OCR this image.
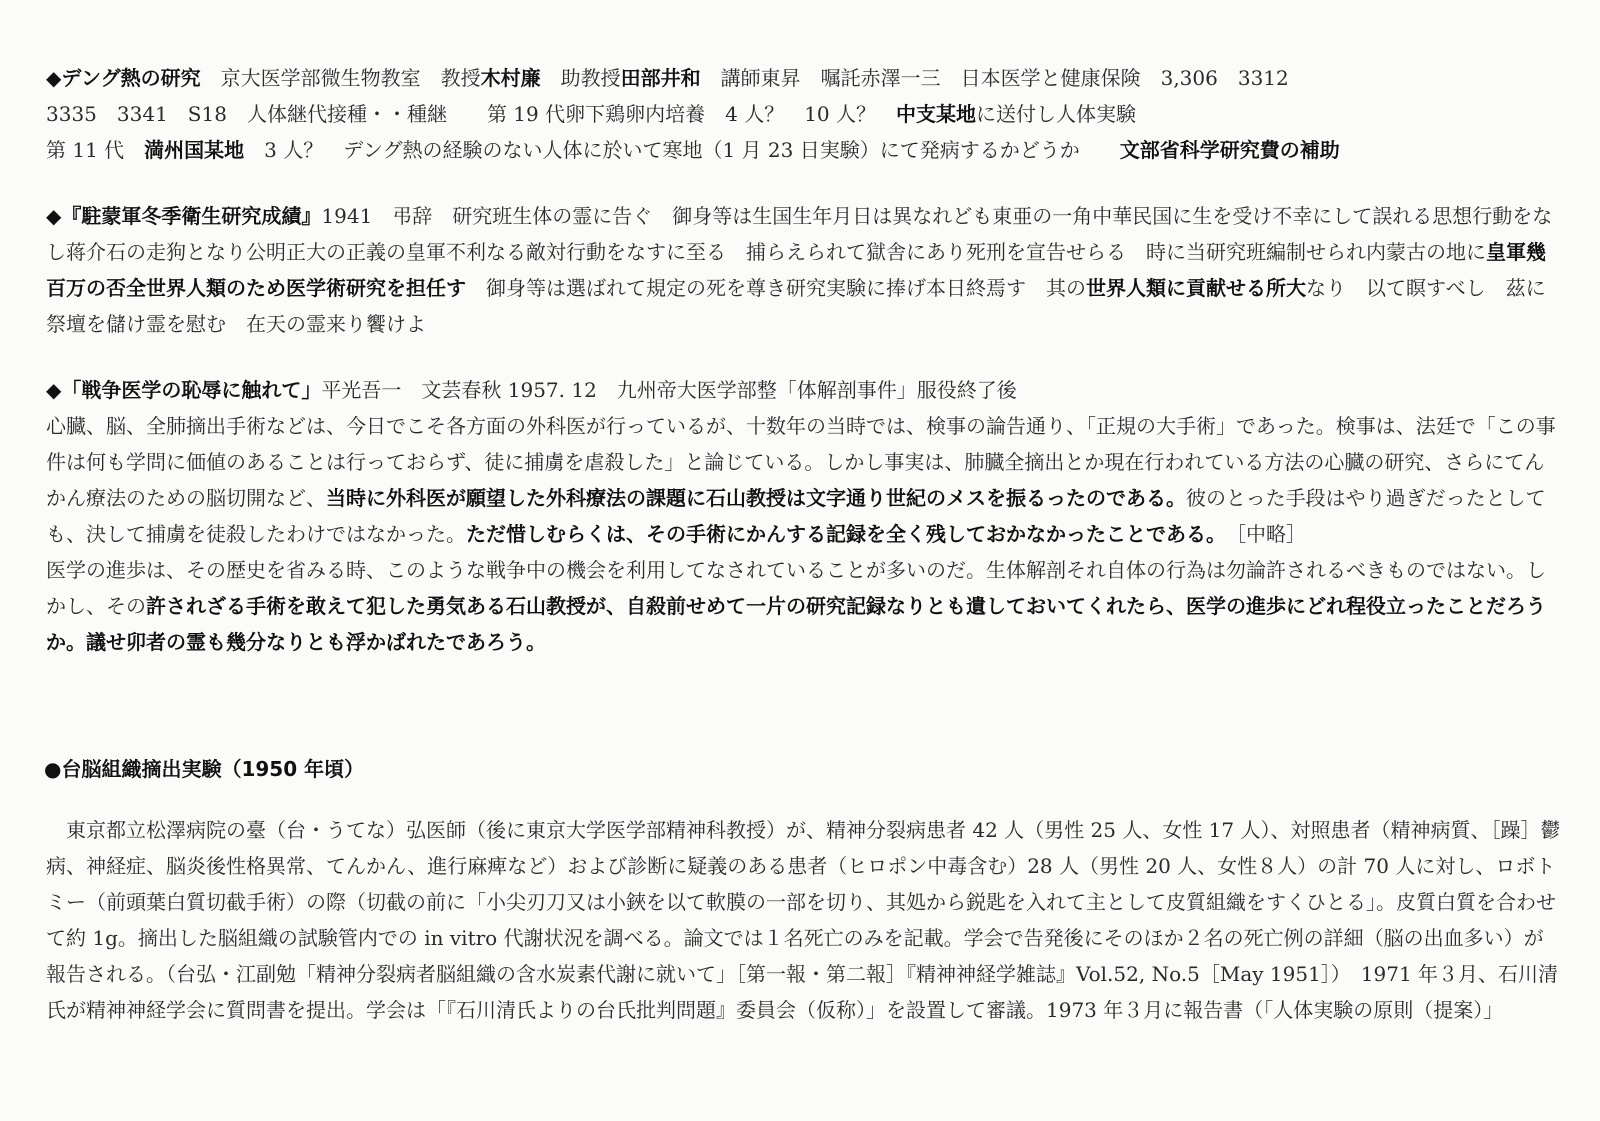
◆デング熱の研究　京大医学部微生物教室　教授木村廉　助教授田部井和　講師東昇　嘱託赤澤一三　日本医学と健康保険　3,306　3312
3335　3341　S18　人体継代接種・・種継　　第 19 代卵下鶏卵内培養　4 人？　10 人？　中支某地に送付し人体実験
第 11 代　満州国某地　3 人？　デング熱の経験のない人体に於いて寒地（1 月 23 日実験）にて発病するかどうか　　文部省科学研究費の補助

◆『駐蒙軍冬季衛生研究成績』1941　弔辞　研究班生体の霊に告ぐ　御身等は生国生年月日は異なれども東亜の一角中華民国に生を受け不幸にして誤れる思想行動をなし蒋介石の走狗となり公明正大の正義の皇軍不利なる敵対行動をなすに至る　捕らえられて獄舎にあり死刑を宣告せらる　時に当研究班編制せられ内蒙古の地に皇軍幾百万の否全世界人類のため医学術研究を担任す　御身等は選ばれて規定の死を尊き研究実験に捧げ本日終焉す　其の世界人類に貢献せる所大なり　以て瞑すべし　茲に祭壇を儲け霊を慰む　在天の霊来り饗けよ

◆「戦争医学の恥辱に触れて」平光吾一　文芸春秋 1957. 12　九州帝大医学部整「体解剖事件」服役終了後

心臓、脳、全肺摘出手術などは、今日でこそ各方面の外科医が行っているが、十数年の当時では、検事の論告通り、「正規の大手術」であった。検事は、法廷で「この事件は何も学問に価値のあることは行っておらず、徒に捕虜を虐殺した」と論じている。しかし事実は、肺臓全摘出とか現在行われている方法の心臓の研究、さらにてんかん療法のための脳切開など、当時に外科医が願望した外科療法の課題に石山教授は文字通り世紀のメスを振るったのである。彼のとった手段はやり過ぎだったとしても、決して捕虜を徒殺したわけではなかった。ただ惜しむらくは、その手術にかんする記録を全く残しておかなかったことである。　［中略］

医学の進歩は、その歴史を省みる時、このような戦争中の機会を利用してなされていることが多いのだ。生体解剖それ自体の行為は勿論許されるべきものではない。しかし、その許されざる手術を敢えて犯した勇気ある石山教授が、自殺前せめて一片の研究記録なりとも遺しておいてくれたら、医学の進歩にどれ程役立ったことだろうか。議せ卯者の霊も幾分なりとも浮かばれたであろう。

●台脳組織摘出実験（1950 年頃）

東京都立松澤病院の臺（台・うてな）弘医師（後に東京大学医学部精神科教授）が、精神分裂病患者 42 人（男性 25 人、女性 17 人）、対照患者（精神病質、［躁］鬱病、神経症、脳炎後性格異常、てんかん、進行麻痺など）および診断に疑義のある患者（ヒロポン中毒含む）28 人（男性 20 人、女性８人）の計 70 人に対し、ロボトミー（前頭葉白質切截手術）の際（切截の前に「小尖刃刀又は小鋏を以て軟膜の一部を切り、其処から鋭匙を入れて主として皮質組織をすくひとる」。皮質白質を合わせて約 1g。摘出した脳組織の試験管内での in vitro 代謝状況を調べる。論文では１名死亡のみを記載。学会で告発後にそのほか２名の死亡例の詳細（脳の出血多い）が報告される。（台弘・江副勉「精神分裂病者脳組織の含水炭素代謝に就いて」［第一報・第二報］『精神神経学雑誌』Vol.52, No.5［May 1951］）　1971 年３月、石川清氏が精神神経学会に質問書を提出。学会は「『石川清氏よりの台氏批判問題』委員会（仮称）」を設置して審議。1973 年３月に報告書（「人体実験の原則（提案）」
